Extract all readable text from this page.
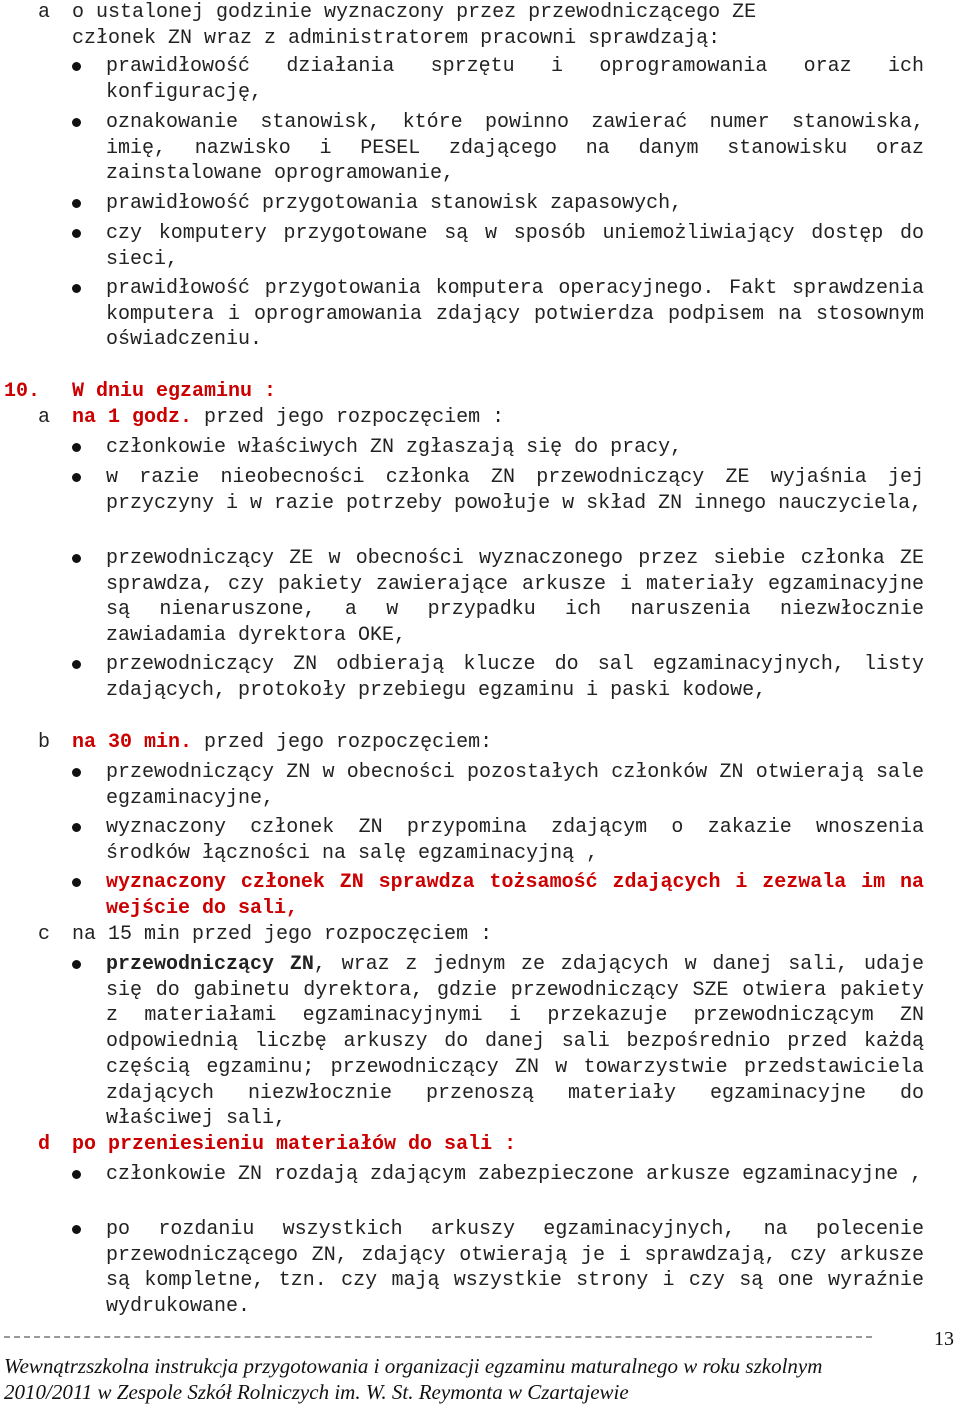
a o ustalonej godzinie wyznaczony przez przewodniczącego ZE
członek ZN wraz z administratorem pracowni sprawdzają:
prawidłowość działania sprzętu i oprogramowania oraz ich konfigurację,
oznakowanie stanowisk, które powinno zawierać numer stanowiska, imię, nazwisko i PESEL zdającego na danym stanowisku oraz zainstalowane oprogramowanie,
prawidłowość przygotowania stanowisk zapasowych,
czy komputery przygotowane są w sposób uniemożliwiający dostęp do sieci,
prawidłowość przygotowania komputera operacyjnego. Fakt sprawdzenia komputera i oprogramowania zdający potwierdza podpisem na stosownym oświadczeniu.
10. W dniu egzaminu :
a na 1 godz. przed jego rozpoczęciem :
członkowie właściwych ZN zgłaszają się do pracy,
w razie nieobecności członka ZN przewodniczący ZE wyjaśnia jej przyczyny i w razie potrzeby powołuje w skład ZN innego nauczyciela,
przewodniczący ZE w obecności wyznaczonego przez siebie członka ZE sprawdza, czy pakiety zawierające arkusze i materiały egzaminacyjne są nienaruszone, a w przypadku ich naruszenia niezwłocznie zawiadamia dyrektora OKE,
przewodniczący ZN odbierają klucze do sal egzaminacyjnych, listy zdających, protokoły przebiegu egzaminu i paski kodowe,
b na 30 min. przed jego rozpoczęciem:
przewodniczący ZN w obecności pozostałych członków ZN otwierają sale egzaminacyjne,
wyznaczony członek ZN przypomina zdającym o zakazie wnoszenia środków łączności na salę egzaminacyjną ,
wyznaczony członek ZN sprawdza tożsamość zdających i zezwala im na wejście do sali,
c na 15 min przed jego rozpoczęciem :
przewodniczący ZN, wraz z jednym ze zdających w danej sali, udaje się do gabinetu dyrektora, gdzie przewodniczący SZE otwiera pakiety z materiałami egzaminacyjnymi i przekazuje przewodniczącym ZN odpowiednią liczbę arkuszy do danej sali bezpośrednio przed każdą częścią egzaminu; przewodniczący ZN w towarzystwie przedstawiciela zdających niezwłocznie przenoszą materiały egzaminacyjne do właściwej sali,
d po przeniesieniu materiałów do sali :
członkowie ZN rozdają zdającym zabezpieczone arkusze egzaminacyjne ,
po rozdaniu wszystkich arkuszy egzaminacyjnych, na polecenie przewodniczącego ZN, zdający otwierają je i sprawdzają, czy arkusze są kompletne, tzn. czy mają wszystkie strony i czy są one wyraźnie wydrukowane.
13
Wewnątrzszkolna instrukcja przygotowania i organizacji egzaminu maturalnego w roku szkolnym
2010/2011 w Zespole Szkół Rolniczych im. W. St. Reymonta w Czartajewie
